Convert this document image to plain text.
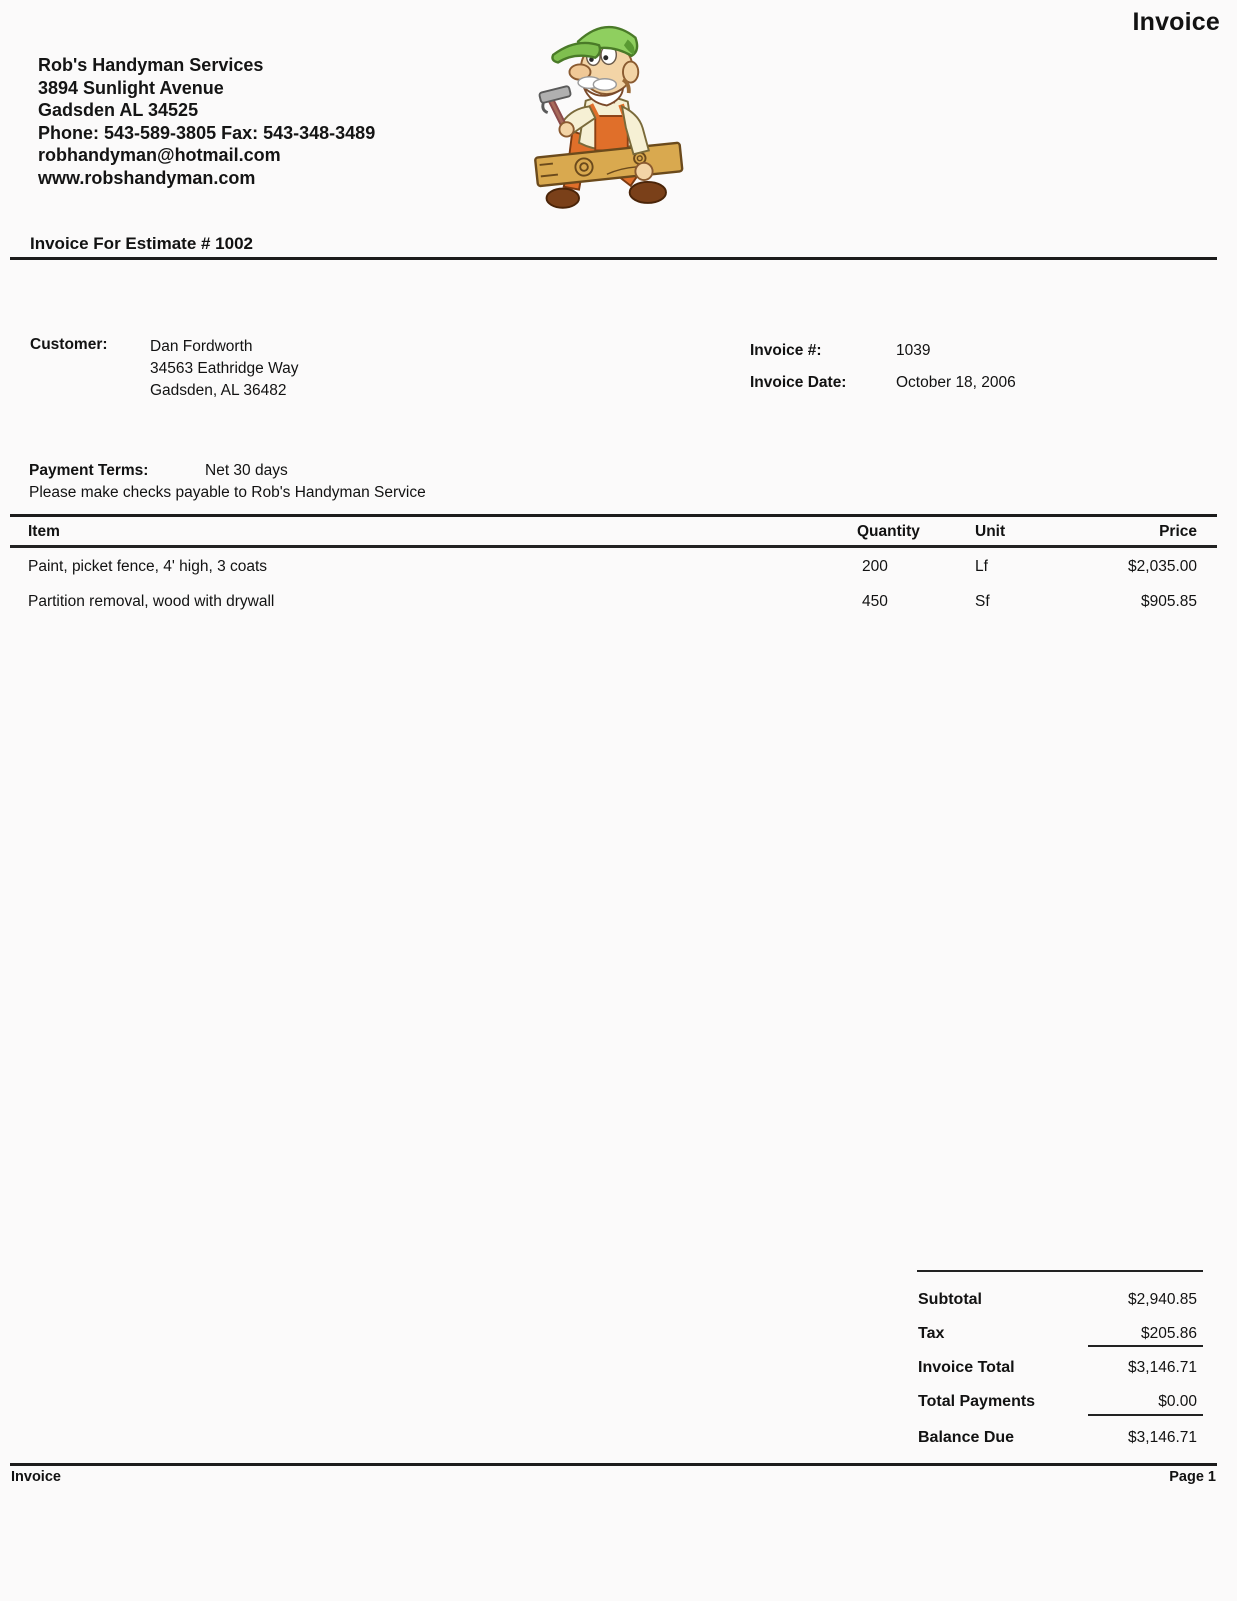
Invoice
Rob's Handyman Services
3894 Sunlight Avenue
Gadsden AL 34525
Phone: 543-589-3805 Fax: 543-348-3489
robhandyman@hotmail.com
www.robshandyman.com
Invoice For Estimate # 1002
Customer:	Dan Fordworth
34563 Eathridge Way
Gadsden, AL 36482
Invoice #:	1039
Invoice Date:	October 18, 2006
Payment Terms:	Net 30 days
Please make checks payable to Rob's Handyman Service
Item	Quantity	Unit	Price
Paint, picket fence, 4' high, 3 coats	200	Lf	$2,035.00
Partition removal, wood with drywall	450	Sf	$905.85
Subtotal	$2,940.85
Tax	$205.86
Invoice Total	$3,146.71
Total Payments	$0.00
Balance Due	$3,146.71
Invoice	Page 1
